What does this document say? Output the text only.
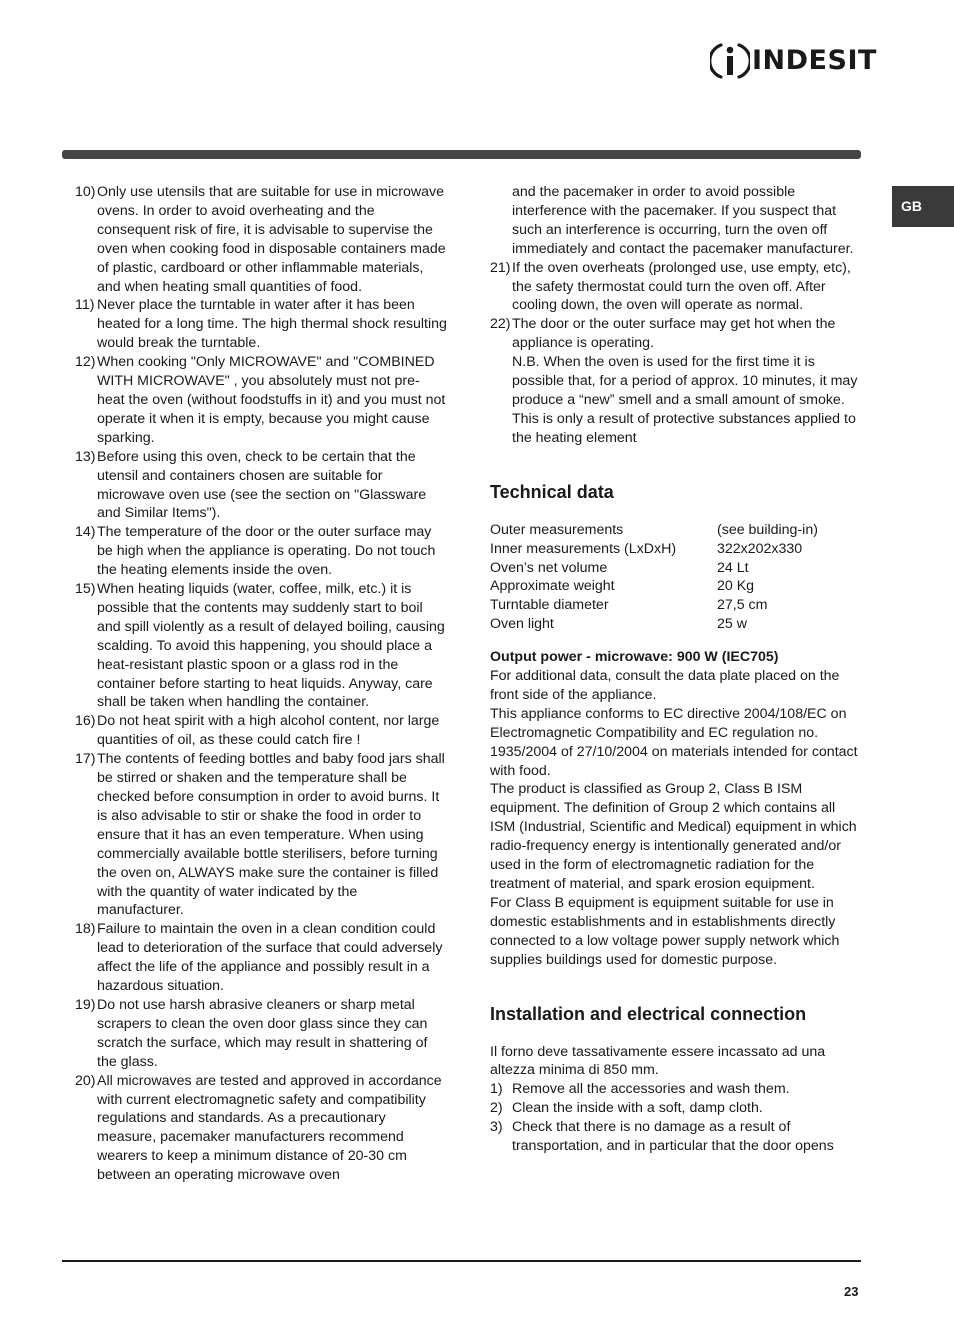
INDESIT
GB
10) Only use utensils that are suitable for use in microwave ovens. In order to avoid overheating and the consequent risk of fire, it is advisable to supervise the oven when cooking food in disposable containers made of plastic, cardboard or other inflammable materials, and when heating small quantities of food.
11) Never place the turntable in water after it has been heated for a long time. The high thermal shock resulting would break the turntable.
12) When cooking "Only MICROWAVE" and "COMBINED WITH MICROWAVE" , you absolutely must not pre-heat the oven (without foodstuffs in it) and you must not operate it when it is empty, because you might cause sparking.
13) Before using this oven, check to be certain that the utensil and containers chosen are suitable for microwave oven use (see the section on "Glassware and Similar Items").
14) The temperature of the door or the outer surface may be high when the appliance is operating. Do not touch the heating elements inside the oven.
15) When heating liquids (water, coffee, milk, etc.) it is possible that the contents may suddenly start to boil and spill violently as a result of delayed boiling, causing scalding. To avoid this happening, you should place a heat-resistant plastic spoon or a glass rod in the container before starting to heat liquids. Anyway, care shall be taken when handling the container.
16) Do not heat spirit with a high alcohol content, nor large quantities of oil, as these could catch fire !
17) The contents of feeding bottles and baby food jars shall be stirred or shaken and the temperature shall be checked before consumption in order to avoid burns. It is also advisable to stir or shake the food in order to ensure that it has an even temperature. When using commercially available bottle sterilisers, before turning the oven on, ALWAYS make sure the container is filled with the quantity of water indicated by the manufacturer.
18) Failure to maintain the oven in a clean condition could lead to deterioration of the surface that could adversely affect the life of the appliance and possibly result in a hazardous situation.
19) Do not use harsh abrasive cleaners or sharp metal scrapers to clean the oven door glass since they can scratch the surface, which may result in shattering of the glass.
20) All microwaves are tested and approved in accordance with current electromagnetic safety and compatibility regulations and standards. As a precautionary measure, pacemaker manufacturers recommend wearers to keep a minimum distance of 20-30 cm between an operating microwave oven
and the pacemaker in order to avoid possible interference with the pacemaker. If you suspect that such an interference is occurring, turn the oven off immediately and contact the pacemaker manufacturer.
21) If the oven overheats (prolonged use, use empty, etc), the safety thermostat could turn the oven off. After cooling down, the oven will operate as normal.
22) The door or the outer surface may get hot when the appliance is operating.
N.B. When the oven is used for the first time it is possible that, for a period of approx. 10 minutes, it may produce a “new” smell and a small amount of smoke. This is only a result of protective substances applied to the heating element
Technical data
Outer measurements	(see building-in)
Inner measurements (LxDxH)	322x202x330
Oven’s net volume	24 Lt
Approximate weight	20 Kg
Turntable diameter	27,5 cm
Oven light	25 w
Output power - microwave: 900 W (IEC705)
For additional data, consult the data plate placed on the front side of the appliance.
This appliance conforms to EC directive 2004/108/EC on Electromagnetic Compatibility and EC regulation no. 1935/2004 of 27/10/2004 on materials intended for contact with food.
The product is classified as Group 2, Class B ISM equipment. The definition of Group 2 which contains all ISM (Industrial, Scientific and Medical) equipment in which radio-frequency energy is intentionally generated and/or used in the form of electromagnetic radiation for the treatment of material, and spark erosion equipment.
For Class B equipment is equipment suitable for use in domestic establishments and in establishments directly connected to a low voltage power supply network which supplies buildings used for domestic purpose.
Installation and electrical connection
Il forno deve tassativamente essere incassato ad una altezza minima di 850 mm.
1) Remove all the accessories and wash them.
2) Clean the inside with a soft, damp cloth.
3) Check that there is no damage as a result of transportation, and in particular that the door opens
23
